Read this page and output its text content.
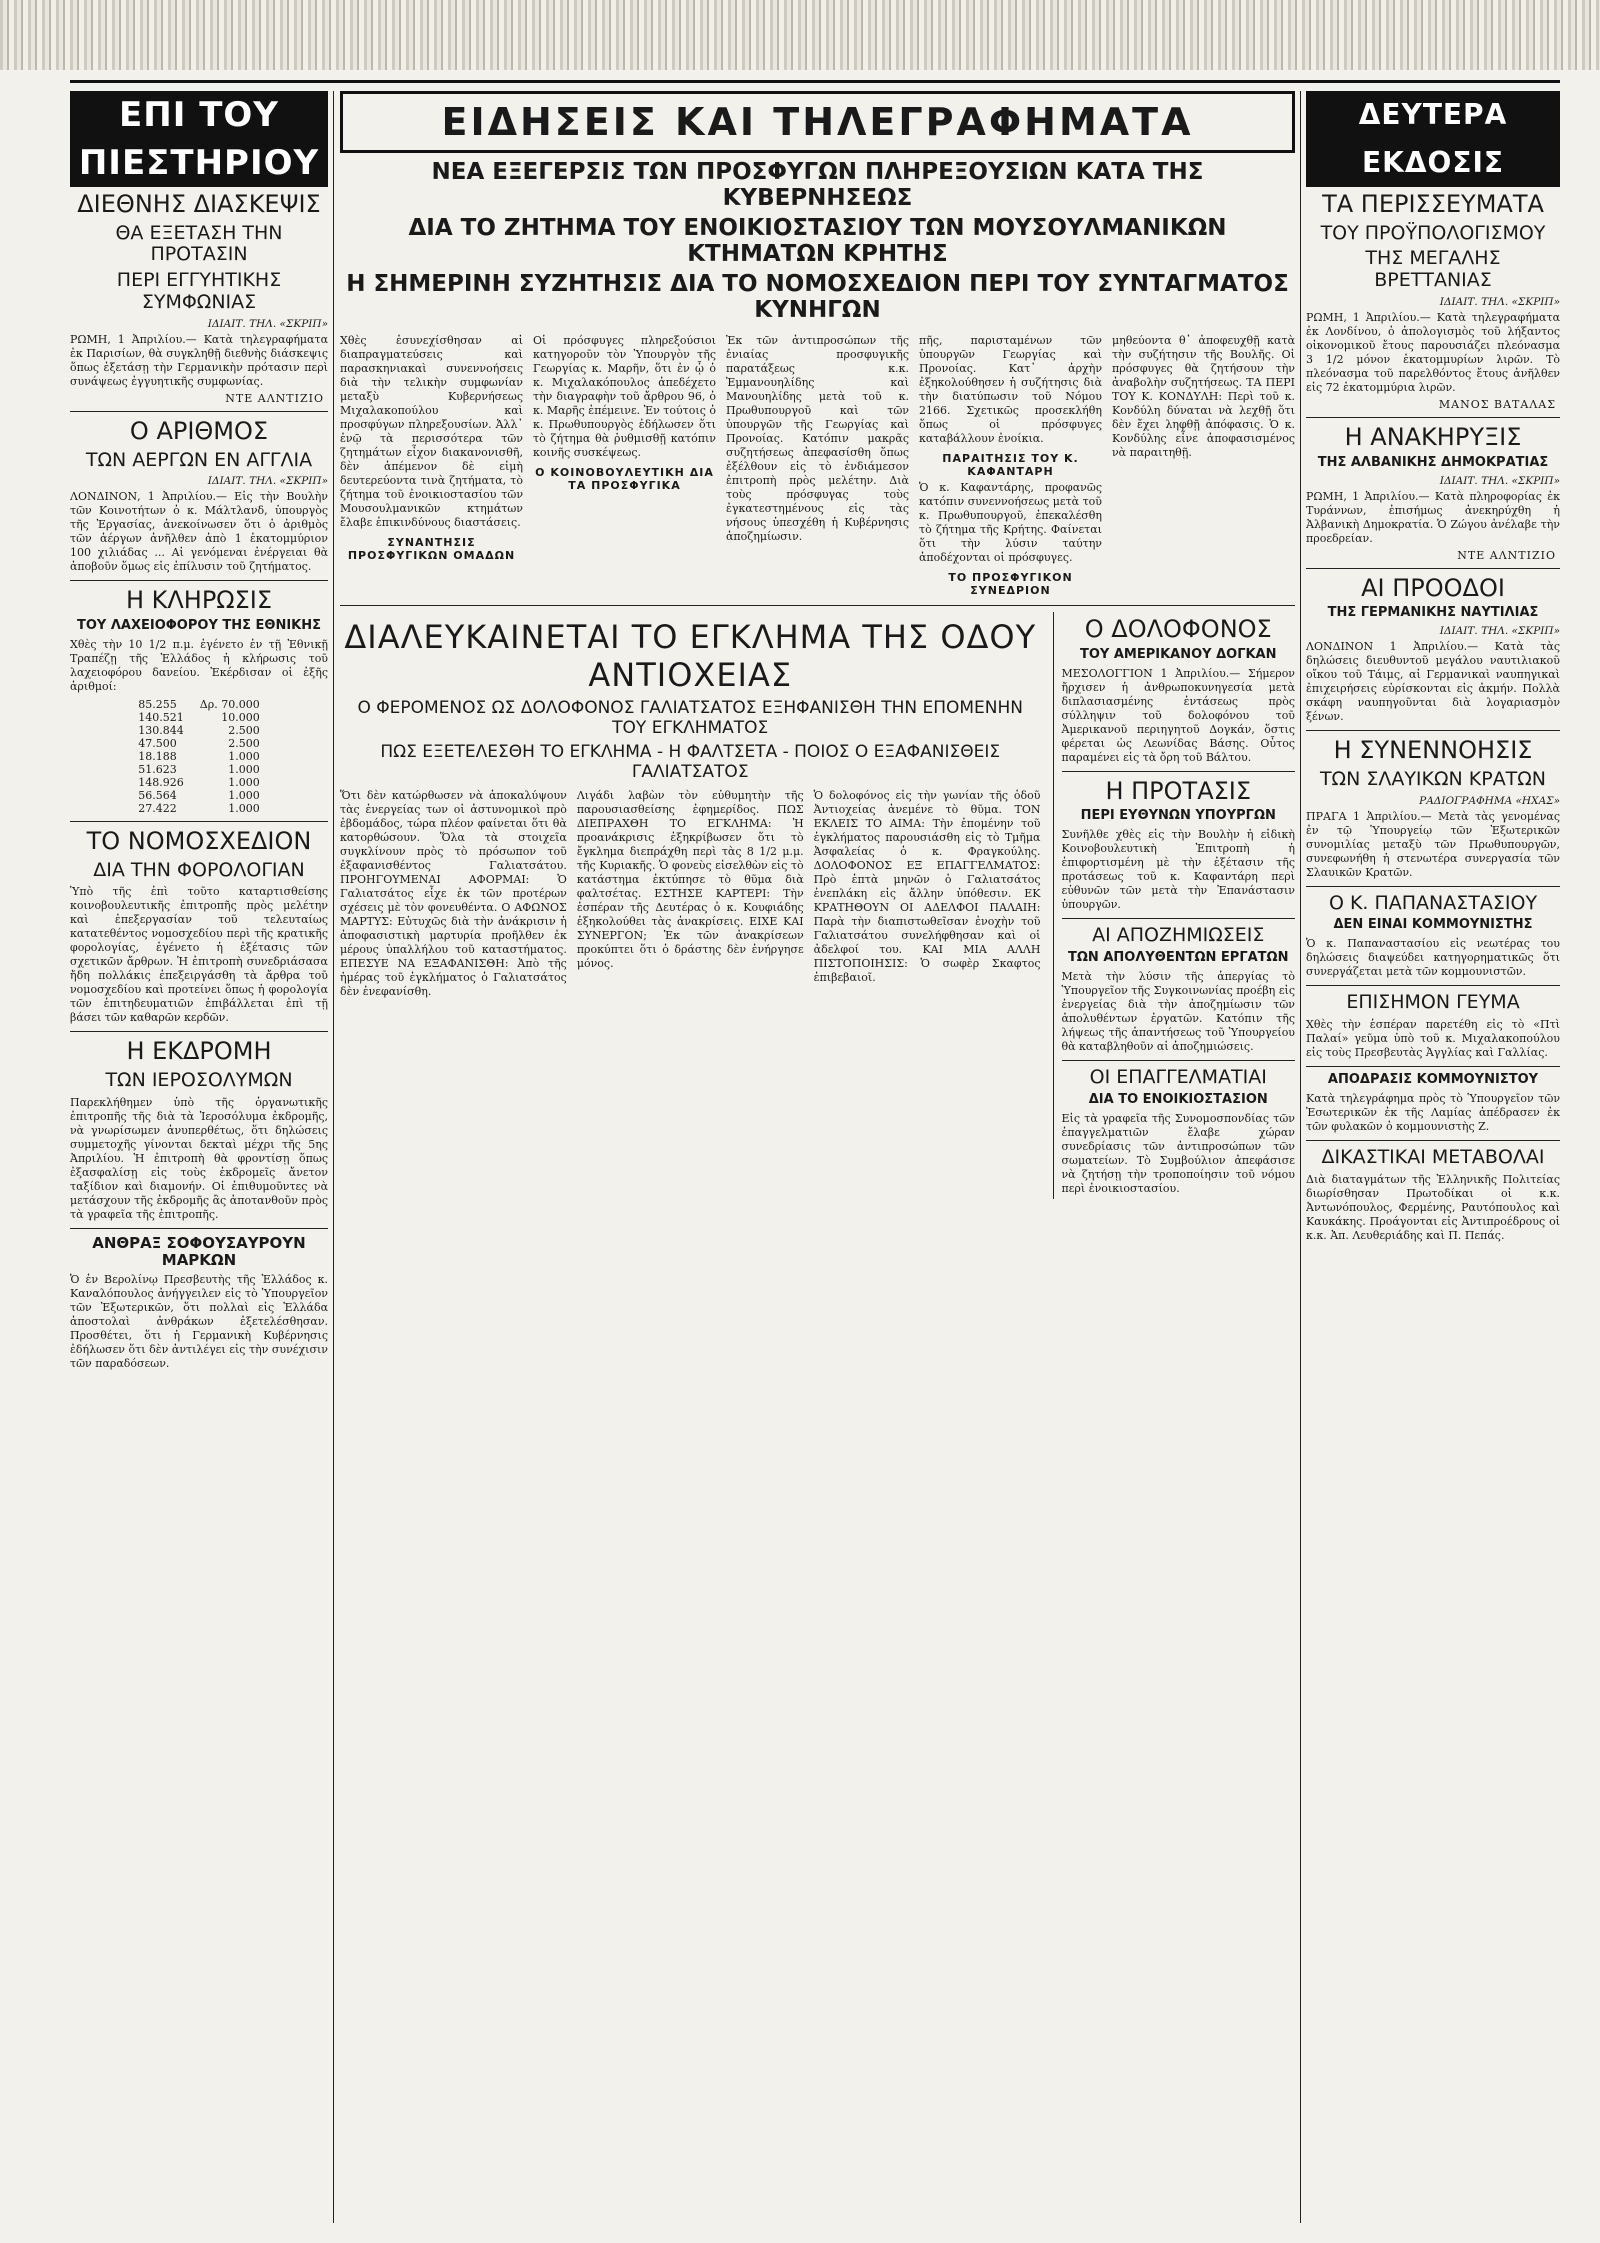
ΕΠΙ ΤΟΥ ΠΙΕΣΤΗΡΙΟΥ
ΔΙΕΘΝΗΣ ΔΙΑΣΚΕΨΙΣ
ΘΑ ΕΞΕΤΑΣΗ ΤΗΝ ΠΡΟΤΑΣΙΝ
ΠΕΡΙ ΕΓΓΥΗΤΙΚΗΣ ΣΥΜΦΩΝΙΑΣ
ΙΔΙΑΙΤ. ΤΗΛ. «ΣΚΡΙΠ»

ΡΩΜΗ, 1 Ἀπριλίου.— Κατὰ τηλεγραφήματα ἐκ Παρισίων, θὰ συγκληθῇ διεθνὴς διάσκεψις ὅπως ἐξετάσῃ τὴν Γερμανικὴν πρότασιν περὶ συνάψεως ἐγγυητικῆς συμφωνίας.

ΝΤΕ ΑΛΝΤΙΖΙΟ
Ο ΑΡΙΘΜΟΣ
ΤΩΝ ΑΕΡΓΩΝ ΕΝ ΑΓΓΛΙΑ
ΙΔΙΑΙΤ. ΤΗΛ. «ΣΚΡΙΠ»

ΛΟΝΔΙΝΟΝ, 1 Ἀπριλίου.— Εἰς τὴν Βουλὴν τῶν Κοινοτήτων ὁ κ. Μάλτλανδ, ὑπουργὸς τῆς Ἐργασίας, ἀνεκοίνωσεν ὅτι ὁ ἀριθμὸς τῶν ἀέργων ἀνῆλθεν ἀπὸ 1 ἑκατομμύριον 100 χιλιάδας ... Αἱ γενόμεναι ἐνέργειαι θὰ ἀποβοῦν ὅμως εἰς ἐπίλυσιν τοῦ ζητήματος.

Η ΚΛΗΡΩΣΙΣ
ΤΟΥ ΛΑΧΕΙΟΦΟΡΟΥ ΤΗΣ ΕΘΝΙΚΗΣ

Χθὲς τὴν 10 1/2 π.μ. ἐγένετο ἐν τῇ Ἐθνικῇ Τραπέζῃ τῆς Ἑλλάδος ἡ κλήρωσις τοῦ λαχειοφόρου δανείου. Ἐκέρδισαν οἱ ἑξῆς ἀριθμοί:

85.255	Δρ. 70.000
140.521	10.000
130.844	2.500
47.500	2.500
18.188	1.000
51.623	1.000
148.926	1.000
56.564	1.000
27.422	1.000
ΤΟ ΝΟΜΟΣΧΕΔΙΟΝ
ΔΙΑ ΤΗΝ ΦΟΡΟΛΟΓΙΑΝ

Ὑπὸ τῆς ἐπὶ τοῦτο καταρτισθείσης κοινοβουλευτικῆς ἐπιτροπῆς πρὸς μελέτην καὶ ἐπεξεργασίαν τοῦ τελευταίως κατατεθέντος νομοσχεδίου περὶ τῆς κρατικῆς φορολογίας, ἐγένετο ἡ ἐξέτασις τῶν σχετικῶν ἄρθρων. Ἡ ἐπιτροπὴ συνεδριάσασα ἤδη πολλάκις ἐπεξειργάσθη τὰ ἄρθρα τοῦ νομοσχεδίου καὶ προτείνει ὅπως ἡ φορολογία τῶν ἐπιτηδευματιῶν ἐπιβάλλεται ἐπὶ τῇ βάσει τῶν καθαρῶν κερδῶν.

Η ΕΚΔΡΟΜΗ
ΤΩΝ ΙΕΡΟΣΟΛΥΜΩΝ

Παρεκλήθημεν ὑπὸ τῆς ὀργανωτικῆς ἐπιτροπῆς τῆς διὰ τὰ Ἱεροσόλυμα ἐκδρομῆς, νὰ γνωρίσωμεν ἀνυπερθέτως, ὅτι δηλώσεις συμμετοχῆς γίνονται δεκταὶ μέχρι τῆς 5ης Ἀπριλίου. Ἡ ἐπιτροπὴ θὰ φροντίσῃ ὅπως ἐξασφαλίσῃ εἰς τοὺς ἐκδρομεῖς ἄνετον ταξίδιον καὶ διαμονήν. Οἱ ἐπιθυμοῦντες νὰ μετάσχουν τῆς ἐκδρομῆς ἂς ἀποτανθοῦν πρὸς τὰ γραφεῖα τῆς ἐπιτροπῆς.

ΑΝΘΡΑΞ ΣΟΦΟΥΣΑΥΡΟΥΝ ΜΑΡΚΩΝ

Ὁ ἐν Βερολίνῳ Πρεσβευτὴς τῆς Ἑλλάδος κ. Καναλόπουλος ἀνήγγειλεν εἰς τὸ Ὑπουργεῖον τῶν Ἐξωτερικῶν, ὅτι πολλαὶ εἰς Ἑλλάδα ἀποστολαὶ ἀνθράκων ἐξετελέσθησαν. Προσθέτει, ὅτι ἡ Γερμανικὴ Κυβέρνησις ἐδήλωσεν ὅτι δὲν ἀντιλέγει εἰς τὴν συνέχισιν τῶν παραδόσεων.

ΕΙΔΗΣΕΙΣ ΚΑΙ ΤΗΛΕΓΡΑΦΗΜΑΤΑ
ΝΕΑ ΕΞΕΓΕΡΣΙΣ ΤΩΝ ΠΡΟΣΦΥΓΩΝ ΠΛΗΡΕΞΟΥΣΙΩΝ ΚΑΤΑ ΤΗΣ ΚΥΒΕΡΝΗΣΕΩΣ
ΔΙΑ ΤΟ ΖΗΤΗΜΑ ΤΟΥ ΕΝΟΙΚΙΟΣΤΑΣΙΟΥ ΤΩΝ ΜΟΥΣΟΥΛΜΑΝΙΚΩΝ ΚΤΗΜΑΤΩΝ ΚΡΗΤΗΣ
Η ΣΗΜΕΡΙΝΗ ΣΥΖΗΤΗΣΙΣ ΔΙΑ ΤΟ ΝΟΜΟΣΧΕΔΙΟΝ ΠΕΡΙ ΤΟΥ ΣΥΝΤΑΓΜΑΤΟΣ ΚΥΝΗΓΩΝ

Χθὲς ἐσυνεχίσθησαν αἱ διαπραγματεύσεις καὶ παρασκηνιακαὶ συνεννοήσεις διὰ τὴν τελικὴν συμφωνίαν μεταξὺ Κυβερνήσεως Μιχαλακοπούλου καὶ προσφύγων πληρεξουσίων. Ἀλλ᾽ ἐνῷ τὰ περισσότερα τῶν ζητημάτων εἶχον διακανονισθῆ, δὲν ἀπέμενον δὲ εἰμὴ δευτερεύοντα τινὰ ζητήματα, τὸ ζήτημα τοῦ ἐνοικιοστασίου τῶν Μουσουλμανικῶν κτημάτων ἔλαβε ἐπικινδύνους διαστάσεις.

ΣΥΝΑΝΤΗΣΙΣ ΠΡΟΣΦΥΓΙΚΩΝ ΟΜΑΔΩΝ

Οἱ πρόσφυγες πληρεξούσιοι κατηγοροῦν τὸν Ὑπουργὸν τῆς Γεωργίας κ. Μαρῆν, ὅτι ἐν ᾧ ὁ κ. Μιχαλακόπουλος ἀπεδέχετο τὴν διαγραφὴν τοῦ ἄρθρου 96, ὁ κ. Μαρῆς ἐπέμεινε. Ἐν τούτοις ὁ κ. Πρωθυπουργὸς ἐδήλωσεν ὅτι τὸ ζήτημα θὰ ῥυθμισθῇ κατόπιν κοινῆς συσκέψεως.

Ο ΚΟΙΝΟΒΟΥΛΕΥΤΙΚΗ ΔΙΑ ΤΑ ΠΡΟΣΦΥΓΙΚΑ

Ἐκ τῶν ἀντιπροσώπων τῆς ἐνιαίας προσφυγικῆς παρατάξεως κ.κ. Ἐμμανουηλίδης καὶ Μανουηλίδης μετὰ τοῦ κ. Πρωθυπουργοῦ καὶ τῶν ὑπουργῶν τῆς Γεωργίας καὶ Προνοίας. Κατόπιν μακρᾶς συζητήσεως ἀπεφασίσθη ὅπως ἐξέλθουν εἰς τὸ ἐνδιάμεσον ἐπιτροπὴ πρὸς μελέτην. Διὰ τοὺς πρόσφυγας τοὺς ἐγκατεστημένους εἰς τὰς νήσους ὑπεσχέθη ἡ Κυβέρνησις ἀποζημίωσιν.

πῆς, παρισταμένων τῶν ὑπουργῶν Γεωργίας καὶ Προνοίας. Κατ᾽ ἀρχὴν ἐξηκολούθησεν ἡ συζήτησις διὰ τὴν διατύπωσιν τοῦ Νόμου 2166. Σχετικῶς προσεκλήθη ὅπως οἱ πρόσφυγες καταβάλλουν ἐνοίκια.

ΠΑΡΑΙΤΗΣΙΣ ΤΟΥ Κ. ΚΑΦΑΝΤΑΡΗ

Ὁ κ. Καφαντάρης, προφανῶς κατόπιν συνεννοήσεως μετὰ τοῦ κ. Πρωθυπουργοῦ, ἐπεκαλέσθη τὸ ζήτημα τῆς Κρήτης. Φαίνεται ὅτι τὴν λύσιν ταύτην ἀποδέχονται οἱ πρόσφυγες.

ΤΟ ΠΡΟΣΦΥΓΙΚΟΝ ΣΥΝΕΔΡΙΟΝ

μηθεύοντα θ᾽ ἀποφευχθῇ κατὰ τὴν συζήτησιν τῆς Βουλῆς. Οἱ πρόσφυγες θὰ ζητήσουν τὴν ἀναβολὴν συζητήσεως. ΤΑ ΠΕΡΙ ΤΟΥ Κ. ΚΟΝΔΥΛΗ: Περὶ τοῦ κ. Κονδύλη δύναται νὰ λεχθῇ ὅτι δὲν ἔχει ληφθῇ ἀπόφασις. Ὁ κ. Κονδύλης εἶνε ἀποφασισμένος νὰ παραιτηθῇ.

ΔΙΑΛΕΥΚΑΙΝΕΤΑΙ ΤΟ ΕΓΚΛΗΜΑ ΤΗΣ ΟΔΟΥ ΑΝΤΙΟΧΕΙΑΣ
Ο ΦΕΡΟΜΕΝΟΣ ΩΣ ΔΟΛΟΦΟΝΟΣ ΓΑΛΙΑΤΣΑΤΟΣ ΕΞΗΦΑΝΙΣΘΗ ΤΗΝ ΕΠΟΜΕΝΗΝ ΤΟΥ ΕΓΚΛΗΜΑΤΟΣ
ΠΩΣ ΕΞΕΤΕΛΕΣΘΗ ΤΟ ΕΓΚΛΗΜΑ - Η ΦΑΛΤΣΕΤΑ - ΠΟΙΟΣ Ο ΕΞΑΦΑΝΙΣΘΕΙΣ ΓΑΛΙΑΤΣΑΤΟΣ

Ὅτι δὲν κατώρθωσεν νὰ ἀποκαλύψουν τὰς ἐνεργείας των οἱ ἀστυνομικοὶ πρὸ ἐβδομάδος, τώρα πλέον φαίνεται ὅτι θὰ κατορθώσουν. Ὅλα τὰ στοιχεῖα συγκλίνουν πρὸς τὸ πρόσωπον τοῦ ἐξαφανισθέντος Γαλιατσάτου. ΠΡΟΗΓΟΥΜΕΝΑΙ ΑΦΟΡΜΑΙ: Ὁ Γαλιατσάτος εἶχε ἐκ τῶν προτέρων σχέσεις μὲ τὸν φονευθέντα. Ο ΑΦΩΝΟΣ ΜΑΡΤΥΣ: Εὐτυχῶς διὰ τὴν ἀνάκρισιν ἡ ἀποφασιστικὴ μαρτυρία προῆλθεν ἐκ μέρους ὑπαλλήλου τοῦ καταστήματος. ΕΠΕΣΥΕ ΝΑ ΕΞΑΦΑΝΙΣΘΗ: Ἀπὸ τῆς ἡμέρας τοῦ ἐγκλήματος ὁ Γαλιατσάτος δὲν ἐνεφανίσθη.

Λιγάδι λαβὼν τὸν εὐθυμητὴν τῆς παρουσιασθείσης ἐφημερίδος. ΠΩΣ ΔΙΕΠΡΑΧΘΗ ΤΟ ΕΓΚΛΗΜΑ: Ἡ προανάκρισις ἐξηκρίβωσεν ὅτι τὸ ἔγκλημα διεπράχθη περὶ τὰς 8 1/2 μ.μ. τῆς Κυριακῆς. Ὁ φονεὺς εἰσελθὼν εἰς τὸ κατάστημα ἐκτύπησε τὸ θῦμα διὰ φαλτσέτας. ΕΣΤΗΣΕ ΚΑΡΤΕΡΙ: Τὴν ἑσπέραν τῆς Δευτέρας ὁ κ. Κουφιάδης ἐξηκολούθει τὰς ἀνακρίσεις. ΕΙΧΕ ΚΑΙ ΣΥΝΕΡΓΟΝ; Ἐκ τῶν ἀνακρίσεων προκύπτει ὅτι ὁ δράστης δὲν ἐνήργησε μόνος.

Ὁ δολοφόνος εἰς τὴν γωνίαν τῆς ὁδοῦ Ἀντιοχείας ἀνεμένε τὸ θῦμα. ΤΟΝ ΕΚΛΕΙΣ ΤΟ ΑΙΜΑ: Τὴν ἐπομένην τοῦ ἐγκλήματος παρουσιάσθη εἰς τὸ Τμῆμα Ἀσφαλείας ὁ κ. Φραγκούλης. ΔΟΛΟΦΟΝΟΣ ΕΞ ΕΠΑΓΓΕΛΜΑΤΟΣ: Πρὸ ἑπτὰ μηνῶν ὁ Γαλιατσάτος ἐνεπλάκη εἰς ἄλλην ὑπόθεσιν. ΕΚ ΚΡΑΤΗΘΟΥΝ ΟΙ ΑΔΕΛΦΟΙ ΠΑΛΑΙΗ: Παρὰ τὴν διαπιστωθεῖσαν ἐνοχὴν τοῦ Γαλιατσάτου συνελήφθησαν καὶ οἱ ἀδελφοί του. ΚΑΙ ΜΙΑ ΑΛΛΗ ΠΙΣΤΟΠΟΙΗΣΙΣ: Ὁ σωφὲρ Σκαφτος ἐπιβεβαιοῖ.

Ο ΔΟΛΟΦΟΝΟΣ
ΤΟΥ ΑΜΕΡΙΚΑΝΟΥ ΔΟΓΚΑΝ

ΜΕΣΟΛΟΓΓΙΟΝ 1 Ἀπριλίου.— Σήμερον ἤρχισεν ἡ ἀνθρωποκυνηγεσία μετὰ διπλασιασμένης ἐντάσεως πρὸς σύλληψιν τοῦ δολοφόνου τοῦ Ἀμερικανοῦ περιηγητοῦ Δογκάν, ὅστις φέρεται ὡς Λεωνίδας Βάσης. Οὗτος παραμένει εἰς τὰ ὄρη τοῦ Βάλτου.

Η ΠΡΟΤΑΣΙΣ
ΠΕΡΙ ΕΥΘΥΝΩΝ ΥΠΟΥΡΓΩΝ

Συνῆλθε χθὲς εἰς τὴν Βουλὴν ἡ εἰδικὴ Κοινοβουλευτικὴ Ἐπιτροπὴ ἡ ἐπιφορτισμένη μὲ τὴν ἐξέτασιν τῆς προτάσεως τοῦ κ. Καφαντάρη περὶ εὐθυνῶν τῶν μετὰ τὴν Ἐπανάστασιν ὑπουργῶν.

ΑΙ ΑΠΟΖΗΜΙΩΣΕΙΣ
ΤΩΝ ΑΠΟΛΥΘΕΝΤΩΝ ΕΡΓΑΤΩΝ

Μετὰ τὴν λύσιν τῆς ἀπεργίας τὸ Ὑπουργεῖον τῆς Συγκοινωνίας προέβη εἰς ἐνεργείας διὰ τὴν ἀποζημίωσιν τῶν ἀπολυθέντων ἐργατῶν. Κατόπιν τῆς λήψεως τῆς ἀπαντήσεως τοῦ Ὑπουργείου θὰ καταβληθοῦν αἱ ἀποζημιώσεις.

ΟΙ ΕΠΑΓΓΕΛΜΑΤΙΑΙ
ΔΙΑ ΤΟ ΕΝΟΙΚΙΟΣΤΑΣΙΟΝ

Εἰς τὰ γραφεῖα τῆς Συνομοσπονδίας τῶν ἐπαγγελματιῶν ἔλαβε χώραν συνεδρίασις τῶν ἀντιπροσώπων τῶν σωματείων. Τὸ Συμβούλιον ἀπεφάσισε νὰ ζητήσῃ τὴν τροποποίησιν τοῦ νόμου περὶ ἐνοικιοστασίου.

ΔΕΥΤΕΡΑ ΕΚΔΟΣΙΣ
ΤΑ ΠΕΡΙΣΣΕΥΜΑΤΑ
ΤΟΥ ΠΡΟΫΠΟΛΟΓΙΣΜΟΥ
ΤΗΣ ΜΕΓΑΛΗΣ ΒΡΕΤΤΑΝΙΑΣ
ΙΔΙΑΙΤ. ΤΗΛ. «ΣΚΡΙΠ»

ΡΩΜΗ, 1 Ἀπριλίου.— Κατὰ τηλεγραφήματα ἐκ Λονδίνου, ὁ ἀπολογισμὸς τοῦ λήξαντος οἰκονομικοῦ ἔτους παρουσιάζει πλεόνασμα 3 1/2 μόνον ἑκατομμυρίων λιρῶν. Τὸ πλεόνασμα τοῦ παρελθόντος ἔτους ἀνῆλθεν εἰς 72 ἑκατομμύρια λιρῶν.

ΜΑΝΟΣ ΒΑΤΑΛΑΣ
Η ΑΝΑΚΗΡΥΞΙΣ
ΤΗΣ ΑΛΒΑΝΙΚΗΣ ΔΗΜΟΚΡΑΤΙΑΣ
ΙΔΙΑΙΤ. ΤΗΛ. «ΣΚΡΙΠ»

ΡΩΜΗ, 1 Ἀπριλίου.— Κατὰ πληροφορίας ἐκ Τυράννων, ἐπισήμως ἀνεκηρύχθη ἡ Ἀλβανικὴ Δημοκρατία. Ὁ Ζώγου ἀνέλαβε τὴν προεδρείαν.

ΝΤΕ ΑΛΝΤΙΖΙΟ
ΑΙ ΠΡΟΟΔΟΙ
ΤΗΣ ΓΕΡΜΑΝΙΚΗΣ ΝΑΥΤΙΛΙΑΣ
ΙΔΙΑΙΤ. ΤΗΛ. «ΣΚΡΙΠ»

ΛΟΝΔΙΝΟΝ 1 Ἀπριλίου.— Κατὰ τὰς δηλώσεις διευθυντοῦ μεγάλου ναυτιλιακοῦ οἴκου τοῦ Τάιμς, αἱ Γερμανικαὶ ναυπηγικαὶ ἐπιχειρήσεις εὑρίσκονται εἰς ἀκμήν. Πολλὰ σκάφη ναυπηγοῦνται διὰ λογαριασμὸν ξένων.

Η ΣΥΝΕΝΝΟΗΣΙΣ
ΤΩΝ ΣΛΑΥΙΚΩΝ ΚΡΑΤΩΝ
ΡΑΔΙΟΓΡΑΦΗΜΑ «ΗΧΑΣ»

ΠΡΑΓΑ 1 Ἀπριλίου.— Μετὰ τὰς γενομένας ἐν τῷ Ὑπουργείῳ τῶν Ἐξωτερικῶν συνομιλίας μεταξὺ τῶν Πρωθυπουργῶν, συνεφωνήθη ἡ στενωτέρα συνεργασία τῶν Σλαυικῶν Κρατῶν.

Ο Κ. ΠΑΠΑΝΑΣΤΑΣΙΟΥ
ΔΕΝ ΕΙΝΑΙ ΚΟΜΜΟΥΝΙΣΤΗΣ

Ὁ κ. Παπαναστασίου εἰς νεωτέρας του δηλώσεις διαψεύδει κατηγορηματικῶς ὅτι συνεργάζεται μετὰ τῶν κομμουνιστῶν.

ΕΠΙΣΗΜΟΝ ΓΕΥΜΑ

Χθὲς τὴν ἑσπέραν παρετέθη εἰς τὸ «Πτὶ Παλαί» γεῦμα ὑπὸ τοῦ κ. Μιχαλακοπούλου εἰς τοὺς Πρεσβευτὰς Ἀγγλίας καὶ Γαλλίας.

ΑΠΟΔΡΑΣΙΣ ΚΟΜΜΟΥΝΙΣΤΟΥ

Κατὰ τηλεγράφημα πρὸς τὸ Ὑπουργεῖον τῶν Ἐσωτερικῶν ἐκ τῆς Λαμίας ἀπέδρασεν ἐκ τῶν φυλακῶν ὁ κομμουνιστὴς Ζ.

ΔΙΚΑΣΤΙΚΑΙ ΜΕΤΑΒΟΛΑΙ

Διὰ διαταγμάτων τῆς Ἑλληνικῆς Πολιτείας διωρίσθησαν Πρωτοδίκαι οἱ κ.κ. Ἀντωνόπουλος, Φερμένης, Ραυτόπουλος καὶ Καυκάκης. Προάγονται εἰς Ἀντιπροέδρους οἱ κ.κ. Ἀπ. Λευθεριάδης καὶ Π. Πεπάς.
